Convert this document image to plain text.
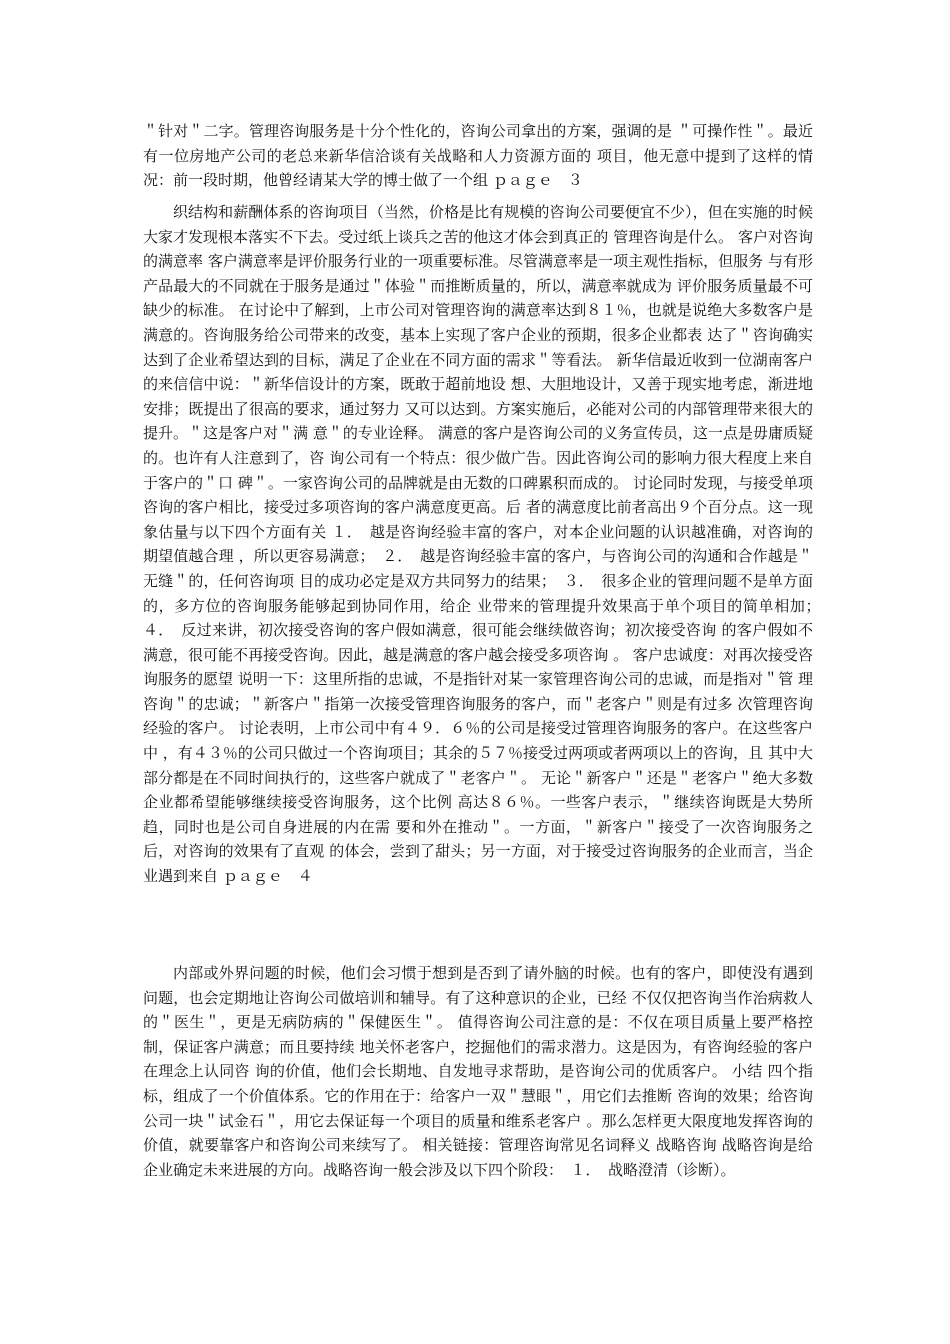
＂针对＂二字。管理咨询服务是十分个性化的，咨询公司拿出的方案，强调的是 ＂可操作性＂。最近有一位房地产公司的老总来新华信洽谈有关战略和人力资源方面的 项目，他无意中提到了这样的情况：前一段时期，他曾经请某大学的博士做了一个组 ｐａｇｅ　３

织结构和薪酬体系的咨询项目（当然，价格是比有规模的咨询公司要便宜不少），但在实施的时候大家才发现根本落实不下去。受过纸上谈兵之苦的他这才体会到真正的 管理咨询是什么。 客户对咨询的满意率 客户满意率是评价服务行业的一项重要标准。尽管满意率是一项主观性指标，但服务 与有形产品最大的不同就在于服务是通过＂体验＂而推断质量的，所以，满意率就成为 评价服务质量最不可缺少的标准。 在讨论中了解到，上市公司对管理咨询的满意率达到８１％，也就是说绝大多数客户是 满意的。咨询服务给公司带来的改变，基本上实现了客户企业的预期，很多企业都表 达了＂咨询确实达到了企业希望达到的目标，满足了企业在不同方面的需求＂等看法。 新华信最近收到一位湖南客户的来信信中说：＂新华信设计的方案，既敢于超前地设 想、大胆地设计，又善于现实地考虑，渐进地安排；既提出了很高的要求，通过努力 又可以达到。方案实施后，必能对公司的内部管理带来很大的提升。＂这是客户对＂满 意＂的专业诠释。 满意的客户是咨询公司的义务宣传员，这一点是毋庸质疑的。也许有人注意到了，咨 询公司有一个特点：很少做广告。因此咨询公司的影响力很大程度上来自于客户的＂口 碑＂。一家咨询公司的品牌就是由无数的口碑累积而成的。 讨论同时发现，与接受单项咨询的客户相比，接受过多项咨询的客户满意度更高。后 者的满意度比前者高出９个百分点。这一现象估量与以下四个方面有关 １．　越是咨询经验丰富的客户，对本企业问题的认识越准确，对咨询的期望值越合理 ，所以更容易满意；　２．　越是咨询经验丰富的客户，与咨询公司的沟通和合作越是＂无缝＂的，任何咨询项 目的成功必定是双方共同努力的结果；　３．　很多企业的管理问题不是单方面的，多方位的咨询服务能够起到协同作用，给企 业带来的管理提升效果高于单个项目的简单相加；　４．　反过来讲，初次接受咨询的客户假如满意，很可能会继续做咨询；初次接受咨询 的客户假如不满意，很可能不再接受咨询。因此，越是满意的客户越会接受多项咨询 。 客户忠诚度：对再次接受咨询服务的愿望 说明一下：这里所指的忠诚，不是指针对某一家管理咨询公司的忠诚，而是指对＂管 理咨询＂的忠诚；＂新客户＂指第一次接受管理咨询服务的客户，而＂老客户＂则是有过多 次管理咨询经验的客户。 讨论表明，上市公司中有４９．６％的公司是接受过管理咨询服务的客户。在这些客户中 ，有４３％的公司只做过一个咨询项目；其余的５７％接受过两项或者两项以上的咨询，且 其中大部分都是在不同时间执行的，这些客户就成了＂老客户＂。 无论＂新客户＂还是＂老客户＂绝大多数企业都希望能够继续接受咨询服务，这个比例 高达８６％。一些客户表示，＂继续咨询既是大势所趋，同时也是公司自身进展的内在需 要和外在推动＂。一方面，＂新客户＂接受了一次咨询服务之后，对咨询的效果有了直观 的体会，尝到了甜头；另一方面，对于接受过咨询服务的企业而言，当企业遇到来自 ｐａｇｅ　４

内部或外界问题的时候，他们会习惯于想到是否到了请外脑的时候。也有的客户，即使没有遇到问题，也会定期地让咨询公司做培训和辅导。有了这种意识的企业，已经 不仅仅把咨询当作治病救人的＂医生＂，更是无病防病的＂保健医生＂。 值得咨询公司注意的是：不仅在项目质量上要严格控制，保证客户满意；而且要持续 地关怀老客户，挖掘他们的需求潜力。这是因为，有咨询经验的客户在理念上认同咨 询的价值，他们会长期地、自发地寻求帮助，是咨询公司的优质客户。 小结 四个指标，组成了一个价值体系。它的作用在于：给客户一双＂慧眼＂，用它们去推断 咨询的效果；给咨询公司一块＂试金石＂，用它去保证每一个项目的质量和维系老客户 。那么怎样更大限度地发挥咨询的价值，就要靠客户和咨询公司来续写了。 相关链接：管理咨询常见名词释义 战略咨询 战略咨询是给企业确定未来进展的方向。战略咨询一般会涉及以下四个阶段：　１．　战略澄清（诊断）。
